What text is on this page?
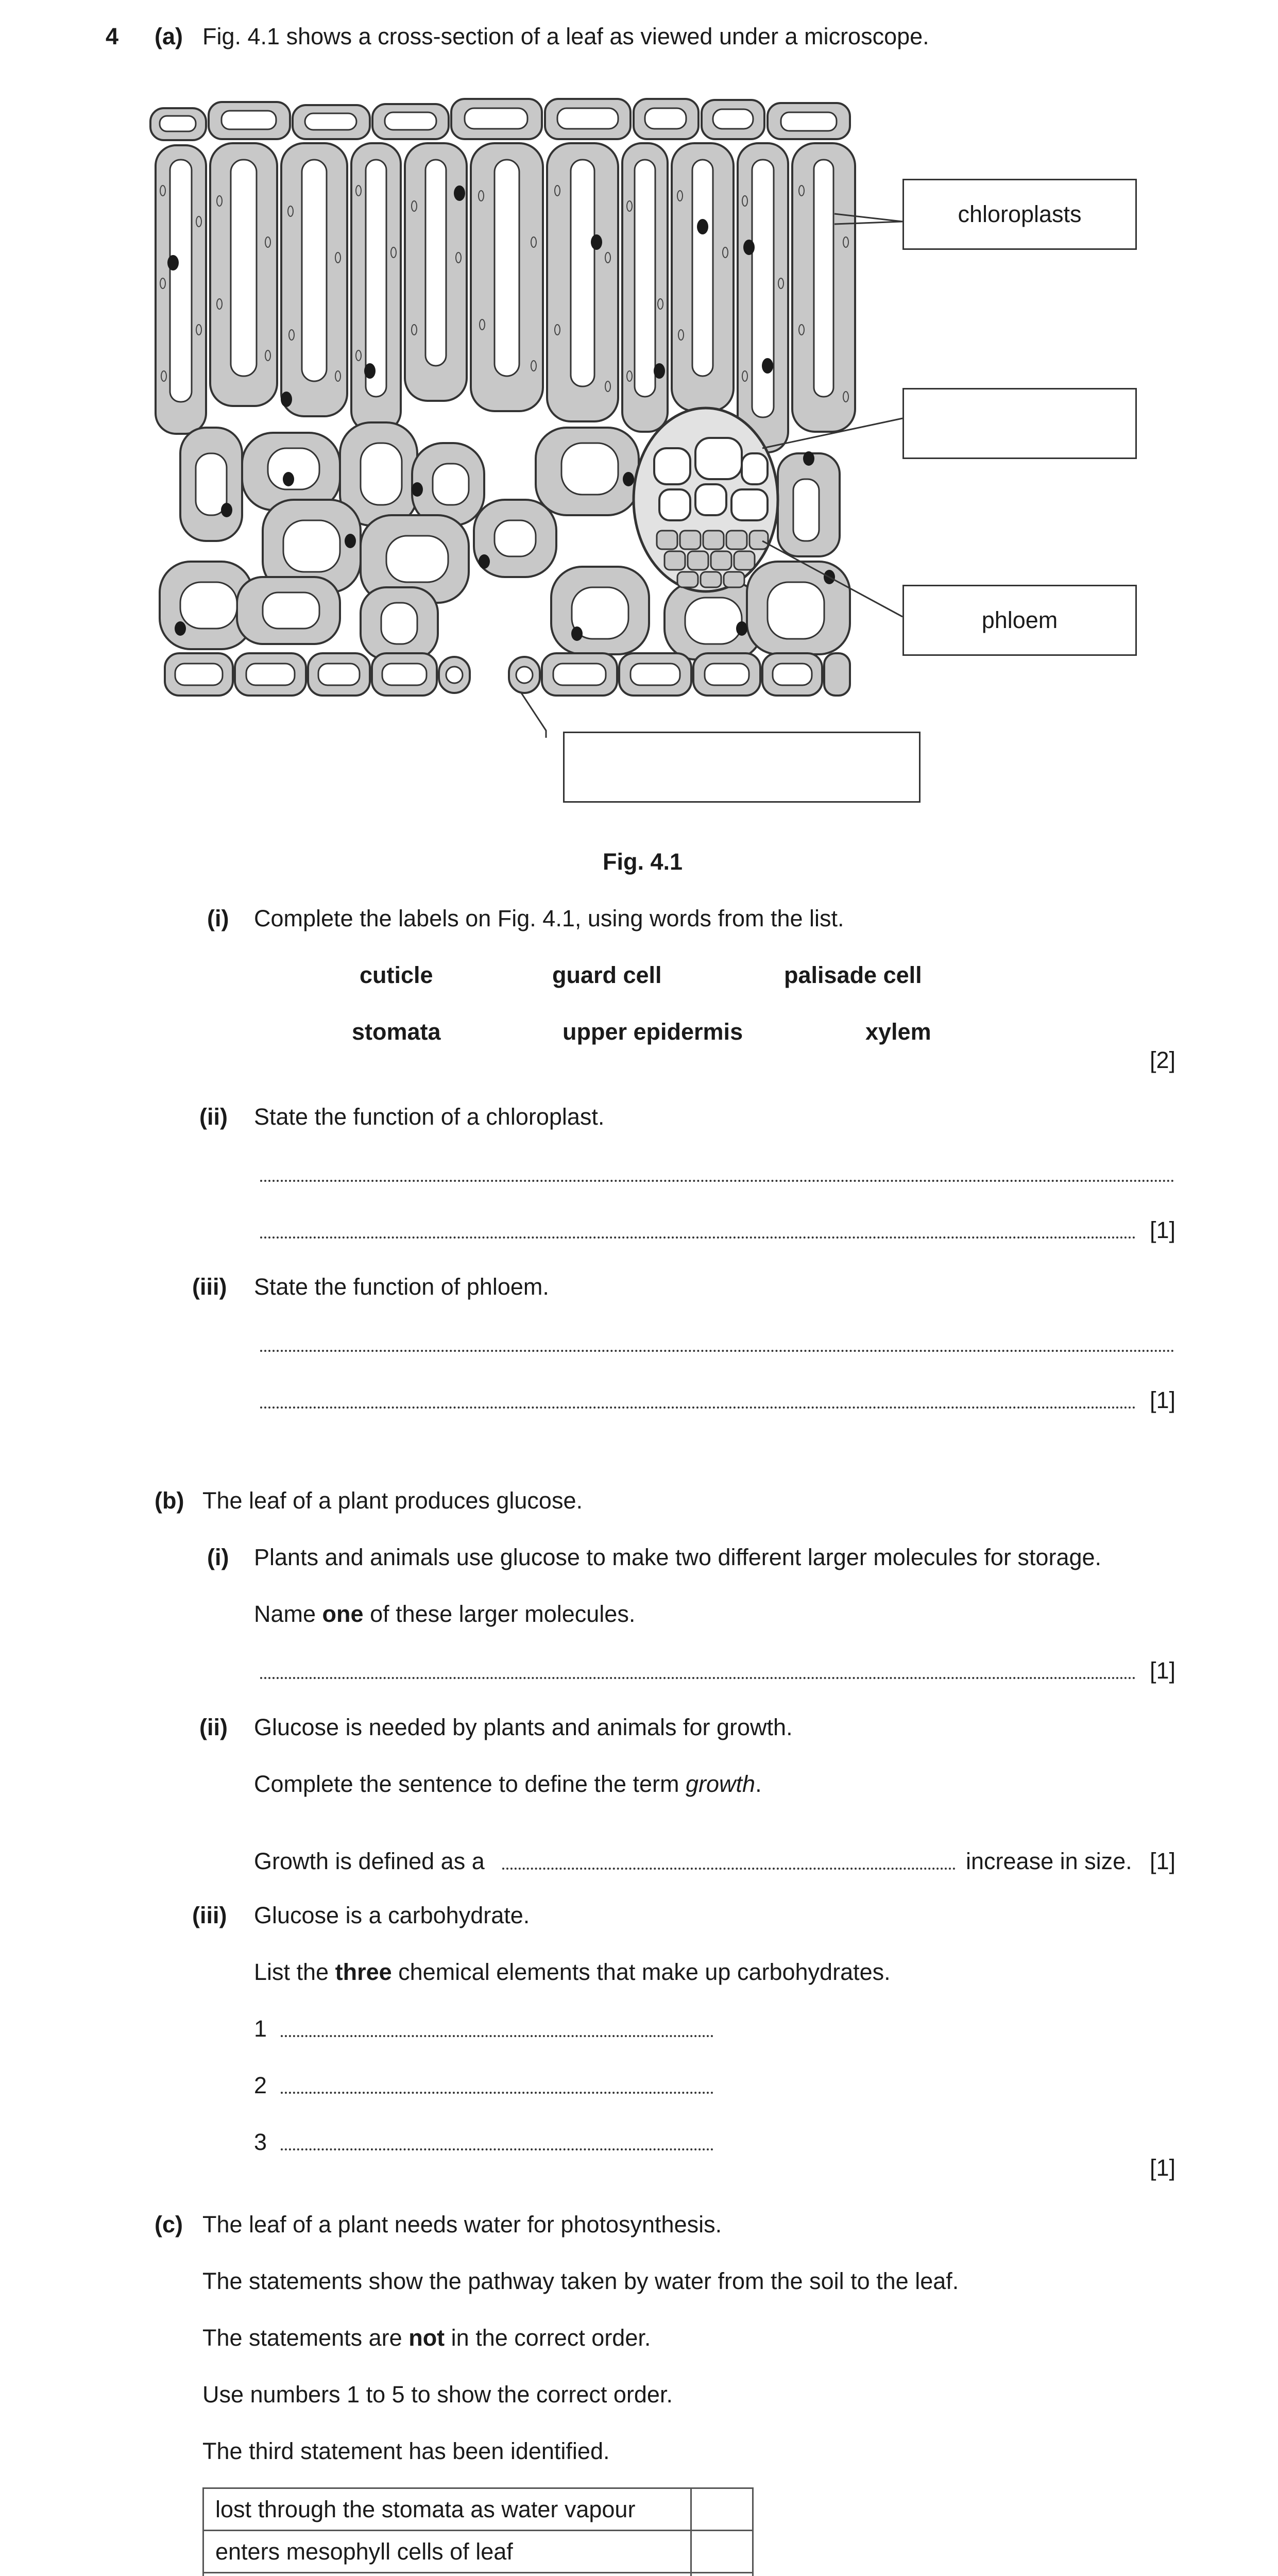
4 (a) Fig. 4.1 shows a cross-section of a leaf as viewed under a microscope.
chloroplasts
phloem
Fig. 4.1
(i) Complete the labels on Fig. 4.1, using words from the list.
cuticle	guard cell	palisade cell
stomata	upper epidermis	xylem
[2]
(ii) State the function of a chloroplast.
[1]
(iii) State the function of phloem.
[1]
(b) The leaf of a plant produces glucose.
(i) Plants and animals use glucose to make two different larger molecules for storage.
Name one of these larger molecules.
[1]
(ii) Glucose is needed by plants and animals for growth.
Complete the sentence to define the term growth.
Growth is defined as a	increase in size. [1]
(iii) Glucose is a carbohydrate.
List the three chemical elements that make up carbohydrates.
1
2
3
[1]
(c) The leaf of a plant needs water for photosynthesis.
The statements show the pathway taken by water from the soil to the leaf.
The statements are not in the correct order.
Use numbers 1 to 5 to show the correct order.
The third statement has been identified.
lost through the stomata as water vapour	
enters mesophyll cells of leaf	
